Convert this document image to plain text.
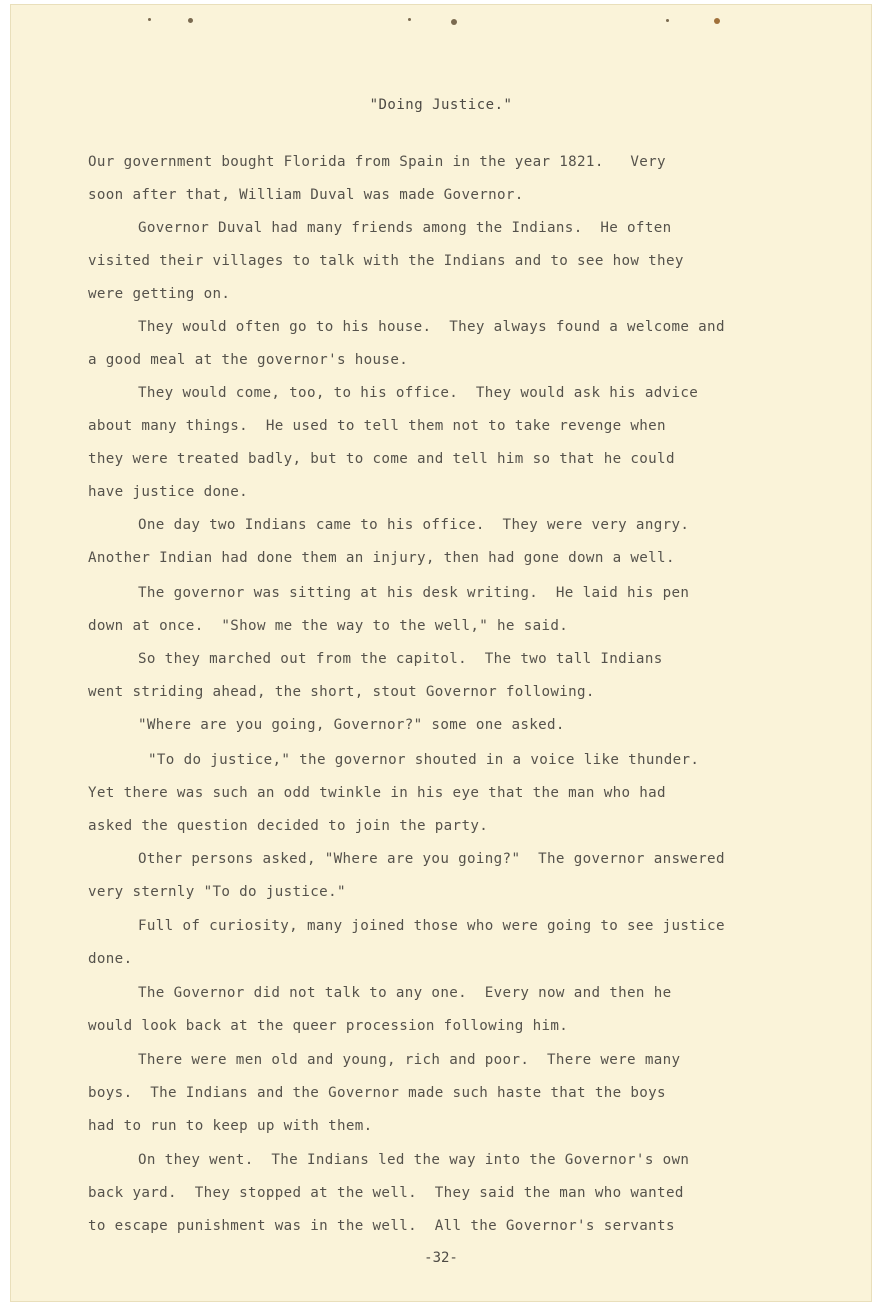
"Doing Justice."
Our government bought Florida from Spain in the year 1821.   Very
soon after that, William Duval was made Governor.
Governor Duval had many friends among the Indians.  He often
visited their villages to talk with the Indians and to see how they
were getting on.
They would often go to his house.  They always found a welcome and
a good meal at the governor's house.
They would come, too, to his office.  They would ask his advice
about many things.  He used to tell them not to take revenge when
they were treated badly, but to come and tell him so that he could
have justice done.
One day two Indians came to his office.  They were very angry.
Another Indian had done them an injury, then had gone down a well.
The governor was sitting at his desk writing.  He laid his pen
down at once.  "Show me the way to the well," he said.
So they marched out from the capitol.  The two tall Indians
went striding ahead, the short, stout Governor following.
"Where are you going, Governor?" some one asked.
"To do justice," the governor shouted in a voice like thunder.
Yet there was such an odd twinkle in his eye that the man who had
asked the question decided to join the party.
Other persons asked, "Where are you going?"  The governor answered
very sternly "To do justice."
Full of curiosity, many joined those who were going to see justice
done.
The Governor did not talk to any one.  Every now and then he
would look back at the queer procession following him.
There were men old and young, rich and poor.  There were many
boys.  The Indians and the Governor made such haste that the boys
had to run to keep up with them.
On they went.  The Indians led the way into the Governor's own
back yard.  They stopped at the well.  They said the man who wanted
to escape punishment was in the well.  All the Governor's servants
-32-
